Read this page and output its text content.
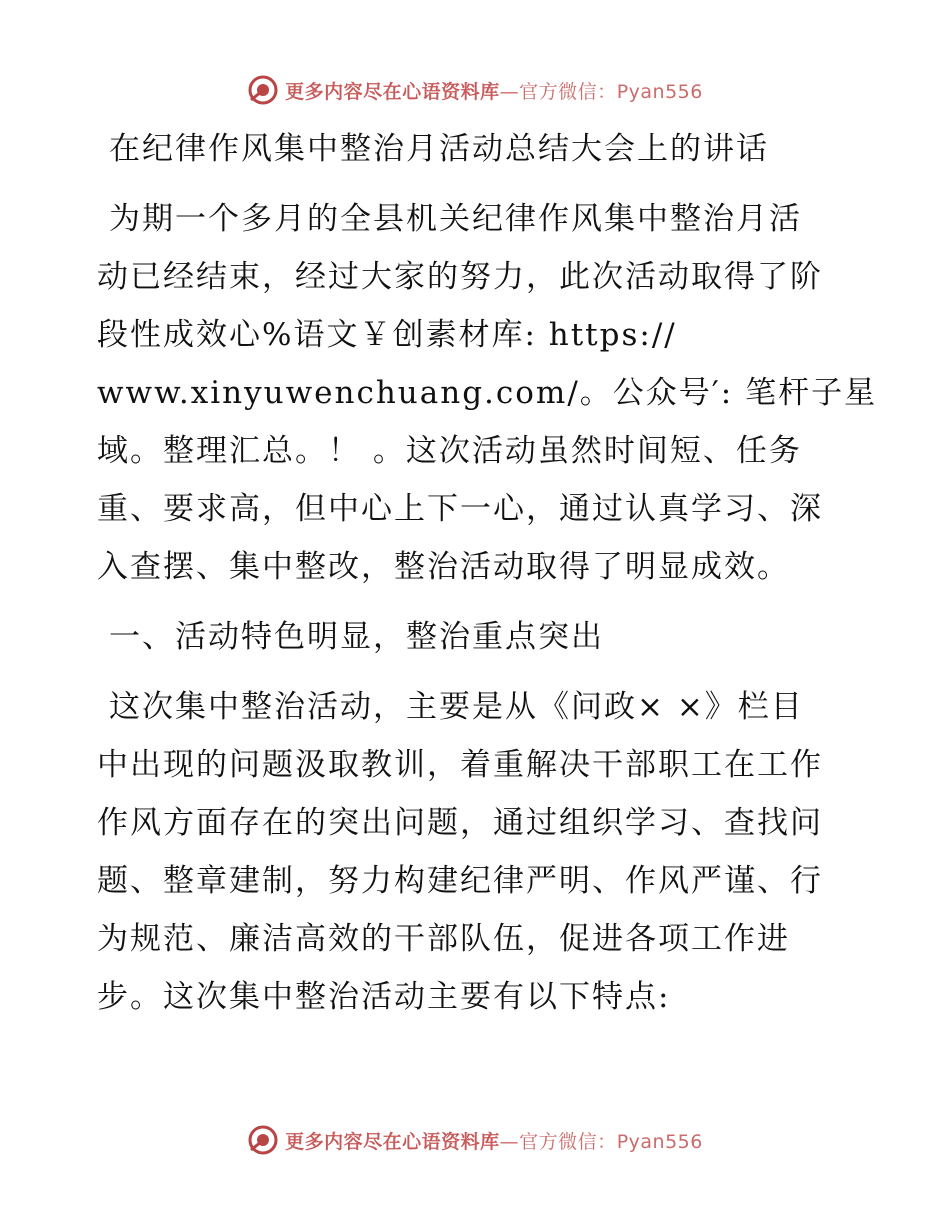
更多内容尽在心语资料库—官方微信：Pyan556
在纪律作风集中整治月活动总结大会上的讲话
为期一个多月的全县机关纪律作风集中整治月活
动已经结束，经过大家的努力，此次活动取得了阶
段性成效心%语文￥创素材库: https://
www.xinyuwenchuang.com/。公众号′: 笔杆子星
域。整理汇总。！ 。这次活动虽然时间短、任务
重、要求高，但中心上下一心，通过认真学习、深
入查摆、集中整改，整治活动取得了明显成效。
一、活动特色明显，整治重点突出
这次集中整治活动，主要是从《问政× ×》栏目
中出现的问题汲取教训，着重解决干部职工在工作
作风方面存在的突出问题，通过组织学习、查找问
题、整章建制，努力构建纪律严明、作风严谨、行
为规范、廉洁高效的干部队伍，促进各项工作进
步。这次集中整治活动主要有以下特点:
更多内容尽在心语资料库—官方微信：Pyan556
